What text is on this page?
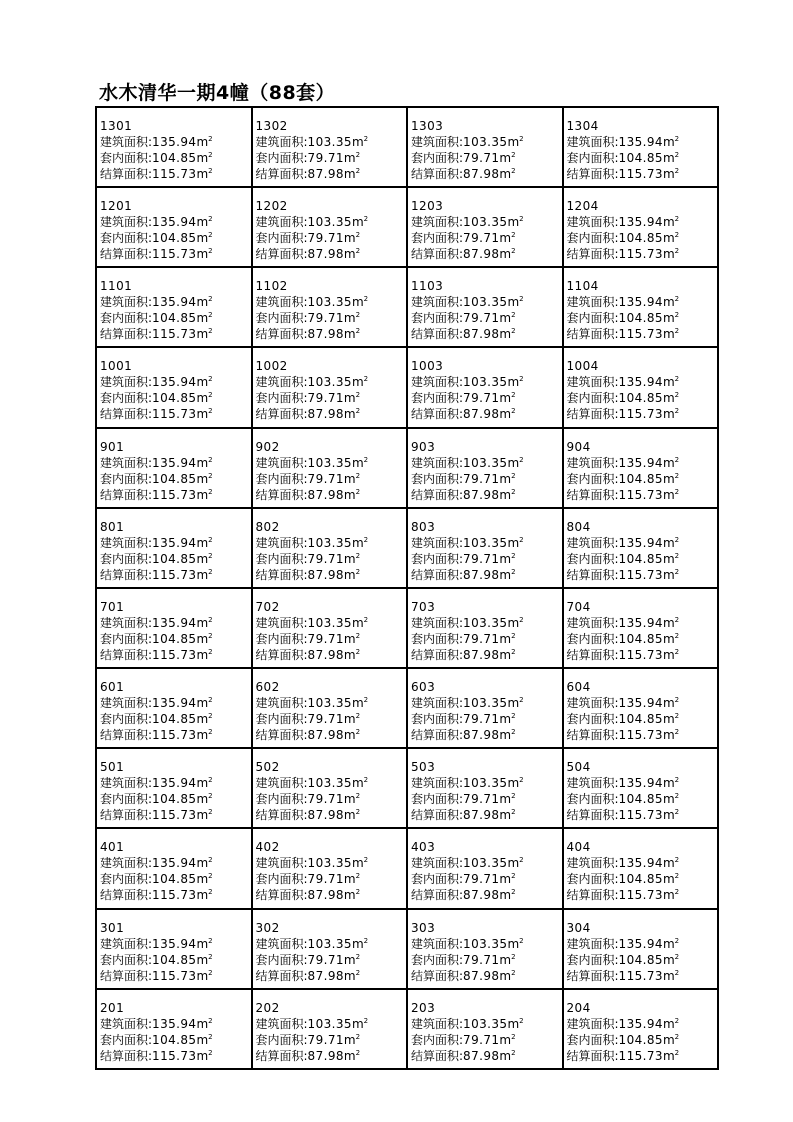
水木清华一期4幢（88套）
1301
建筑面积$:135.94m^2$
套内面积$:104.85m^2$
结算面积$:115.73m^2$
1302
建筑面积$:103.35m^2$
套内面积$:79.71m^2$
结算面积$:87.98m^2$
1303
建筑面积$:103.35m^2$
套内面积$:79.71m^2$
结算面积$:87.98m^2$
1304
建筑面积$:135.94m^2$
套内面积$:104.85m^2$
结算面积$:115.73m^2$
1201
建筑面积$:135.94m^2$
套内面积$:104.85m^2$
结算面积$:115.73m^2$
1202
建筑面积$:103.35m^2$
套内面积$:79.71m^2$
结算面积$:87.98m^2$
1203
建筑面积$:103.35m^2$
套内面积$:79.71m^2$
结算面积$:87.98m^2$
1204
建筑面积$:135.94m^2$
套内面积$:104.85m^2$
结算面积$:115.73m^2$
1101
建筑面积$:135.94m^2$
套内面积$:104.85m^2$
结算面积$:115.73m^2$
1102
建筑面积$:103.35m^2$
套内面积$:79.71m^2$
结算面积$:87.98m^2$
1103
建筑面积$:103.35m^2$
套内面积$:79.71m^2$
结算面积$:87.98m^2$
1104
建筑面积$:135.94m^2$
套内面积$:104.85m^2$
结算面积$:115.73m^2$
1001
建筑面积$:135.94m^2$
套内面积$:104.85m^2$
结算面积$:115.73m^2$
1002
建筑面积$:103.35m^2$
套内面积$:79.71m^2$
结算面积$:87.98m^2$
1003
建筑面积$:103.35m^2$
套内面积$:79.71m^2$
结算面积$:87.98m^2$
1004
建筑面积$:135.94m^2$
套内面积$:104.85m^2$
结算面积$:115.73m^2$
901
建筑面积$:135.94m^2$
套内面积$:104.85m^2$
结算面积$:115.73m^2$
902
建筑面积$:103.35m^2$
套内面积$:79.71m^2$
结算面积$:87.98m^2$
903
建筑面积$:103.35m^2$
套内面积$:79.71m^2$
结算面积$:87.98m^2$
904
建筑面积$:135.94m^2$
套内面积$:104.85m^2$
结算面积$:115.73m^2$
801
建筑面积$:135.94m^2$
套内面积$:104.85m^2$
结算面积$:115.73m^2$
802
建筑面积$:103.35m^2$
套内面积$:79.71m^2$
结算面积$:87.98m^2$
803
建筑面积$:103.35m^2$
套内面积$:79.71m^2$
结算面积$:87.98m^2$
804
建筑面积$:135.94m^2$
套内面积$:104.85m^2$
结算面积$:115.73m^2$
701
建筑面积$:135.94m^2$
套内面积$:104.85m^2$
结算面积$:115.73m^2$
702
建筑面积$:103.35m^2$
套内面积$:79.71m^2$
结算面积$:87.98m^2$
703
建筑面积$:103.35m^2$
套内面积$:79.71m^2$
结算面积$:87.98m^2$
704
建筑面积$:135.94m^2$
套内面积$:104.85m^2$
结算面积$:115.73m^2$
601
建筑面积$:135.94m^2$
套内面积$:104.85m^2$
结算面积$:115.73m^2$
602
建筑面积$:103.35m^2$
套内面积$:79.71m^2$
结算面积$:87.98m^2$
603
建筑面积$:103.35m^2$
套内面积$:79.71m^2$
结算面积$:87.98m^2$
604
建筑面积$:135.94m^2$
套内面积$:104.85m^2$
结算面积$:115.73m^2$
501
建筑面积$:135.94m^2$
套内面积$:104.85m^2$
结算面积$:115.73m^2$
502
建筑面积$:103.35m^2$
套内面积$:79.71m^2$
结算面积$:87.98m^2$
503
建筑面积$:103.35m^2$
套内面积$:79.71m^2$
结算面积$:87.98m^2$
504
建筑面积$:135.94m^2$
套内面积$:104.85m^2$
结算面积$:115.73m^2$
401
建筑面积$:135.94m^2$
套内面积$:104.85m^2$
结算面积$:115.73m^2$
402
建筑面积$:103.35m^2$
套内面积$:79.71m^2$
结算面积$:87.98m^2$
403
建筑面积$:103.35m^2$
套内面积$:79.71m^2$
结算面积$:87.98m^2$
404
建筑面积$:135.94m^2$
套内面积$:104.85m^2$
结算面积$:115.73m^2$
301
建筑面积$:135.94m^2$
套内面积$:104.85m^2$
结算面积$:115.73m^2$
302
建筑面积$:103.35m^2$
套内面积$:79.71m^2$
结算面积$:87.98m^2$
303
建筑面积$:103.35m^2$
套内面积$:79.71m^2$
结算面积$:87.98m^2$
304
建筑面积$:135.94m^2$
套内面积$:104.85m^2$
结算面积$:115.73m^2$
201
建筑面积$:135.94m^2$
套内面积$:104.85m^2$
结算面积$:115.73m^2$
202
建筑面积$:103.35m^2$
套内面积$:79.71m^2$
结算面积$:87.98m^2$
203
建筑面积$:103.35m^2$
套内面积$:79.71m^2$
结算面积$:87.98m^2$
204
建筑面积$:135.94m^2$
套内面积$:104.85m^2$
结算面积$:115.73m^2$
